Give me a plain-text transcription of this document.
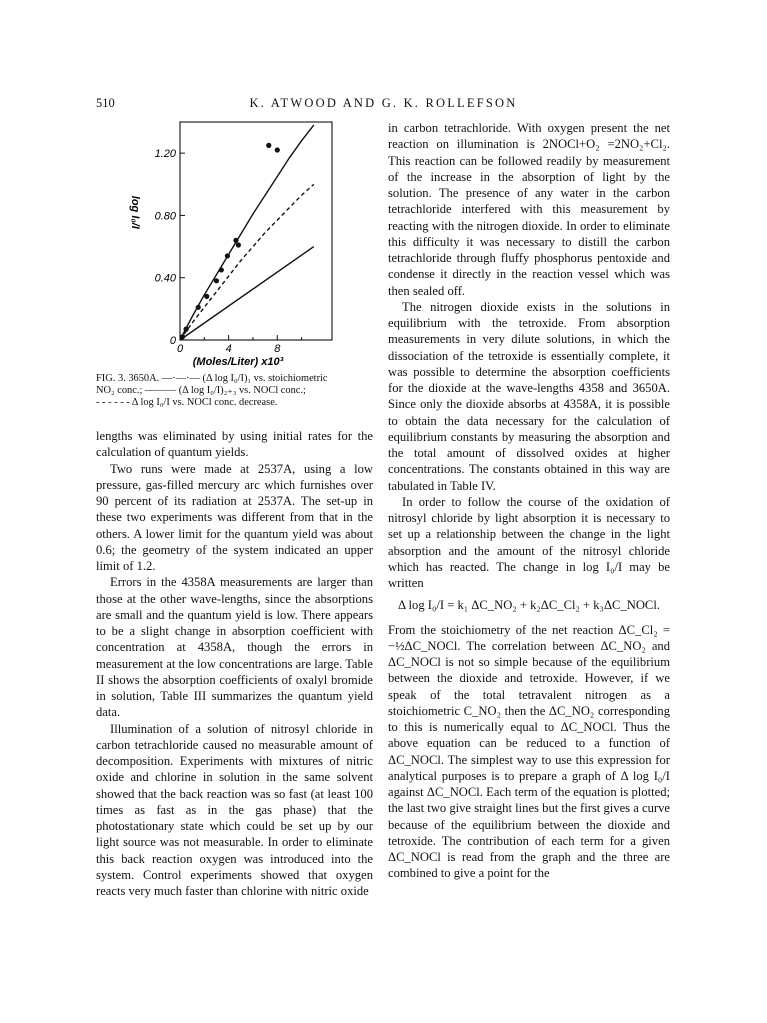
510	K. ATWOOD AND G. K. ROLLEFSON
0	4	8
0
0.40
0.80
1.20
(Moles/Liter) x10³
log I₀/I
FIG. 3. 3650A. —·—·— (Δ log I₀/I)₁ vs. stoichiometric
NO₂ conc.; ——— (Δ log I₀/I)₂₊₃ vs. NOCl conc.;
- - - - - - Δ log I₀/I vs. NOCl conc. decrease.

lengths was eliminated by using initial rates for the calculation of quantum yields.

Two runs were made at 2537A, using a low pressure, gas-filled mercury arc which furnishes over 90 percent of its radiation at 2537A. The set-up in these two experiments was different from that in the others. A lower limit for the quantum yield was about 0.6; the geometry of the system indicated an upper limit of 1.2.

Errors in the 4358A measurements are larger than those at the other wave-lengths, since the absorptions are small and the quantum yield is low. There appears to be a slight change in absorption coefficient with concentration at 4358A, though the errors in measurement at the low concentrations are large. Table II shows the absorption coefficients of oxalyl bromide in solution, Table III summarizes the quantum yield data.

Illumination of a solution of nitrosyl chloride in carbon tetrachloride caused no measurable amount of decomposition. Experiments with mixtures of nitric oxide and chlorine in solution in the same solvent showed that the back reaction was so fast (at least 100 times as fast as in the gas phase) that the photostationary state which could be set up by our light source was not measurable. In order to eliminate this back reaction oxygen was introduced into the system. Control experiments showed that oxygen reacts very much faster than chlorine with nitric oxide

in carbon tetrachloride. With oxygen present the net reaction on illumination is 2NOCl+O₂ =2NO₂+Cl₂. This reaction can be followed readily by measurement of the increase in the absorption of light by the solution. The presence of any water in the carbon tetrachloride interfered with this measurement by reacting with the nitrogen dioxide. In order to eliminate this difficulty it was necessary to distill the carbon tetrachloride through fluffy phosphorus pentoxide and condense it directly in the reaction vessel which was then sealed off.

The nitrogen dioxide exists in the solutions in equilibrium with the tetroxide. From absorption measurements in very dilute solutions, in which the dissociation of the tetroxide is essentially complete, it was possible to determine the absorption coefficients for the dioxide at the wave-lengths 4358 and 3650A. Since only the dioxide absorbs at 4358A, it is possible to obtain the data necessary for the calculation of equilibrium constants by measuring the absorption and the total amount of dissolved oxides at higher concentrations. The constants obtained in this way are tabulated in Table IV.

In order to follow the course of the oxidation of nitrosyl chloride by light absorption it is necessary to set up a relationship between the change in the light absorption and the amount of the nitrosyl chloride which has reacted. The change in log I₀/I may be written

Δ log I₀/I = k₁ ΔC_NO₂ + k₂ΔC_Cl₂ + k₃ΔC_NOCl.

From the stoichiometry of the net reaction ΔC_Cl₂ = −½ΔC_NOCl. The correlation between ΔC_NO₂ and ΔC_NOCl is not so simple because of the equilibrium between the dioxide and tetroxide. However, if we speak of the total tetravalent nitrogen as a stoichiometric C_NO₂ then the ΔC_NO₂ corresponding to this is numerically equal to ΔC_NOCl. Thus the above equation can be reduced to a function of ΔC_NOCl. The simplest way to use this expression for analytical purposes is to prepare a graph of Δ log I₀/I against ΔC_NOCl. Each term of the equation is plotted; the last two give straight lines but the first gives a curve because of the equilibrium between the dioxide and tetroxide. The contribution of each term for a given ΔC_NOCl is read from the graph and the three are combined to give a point for the
